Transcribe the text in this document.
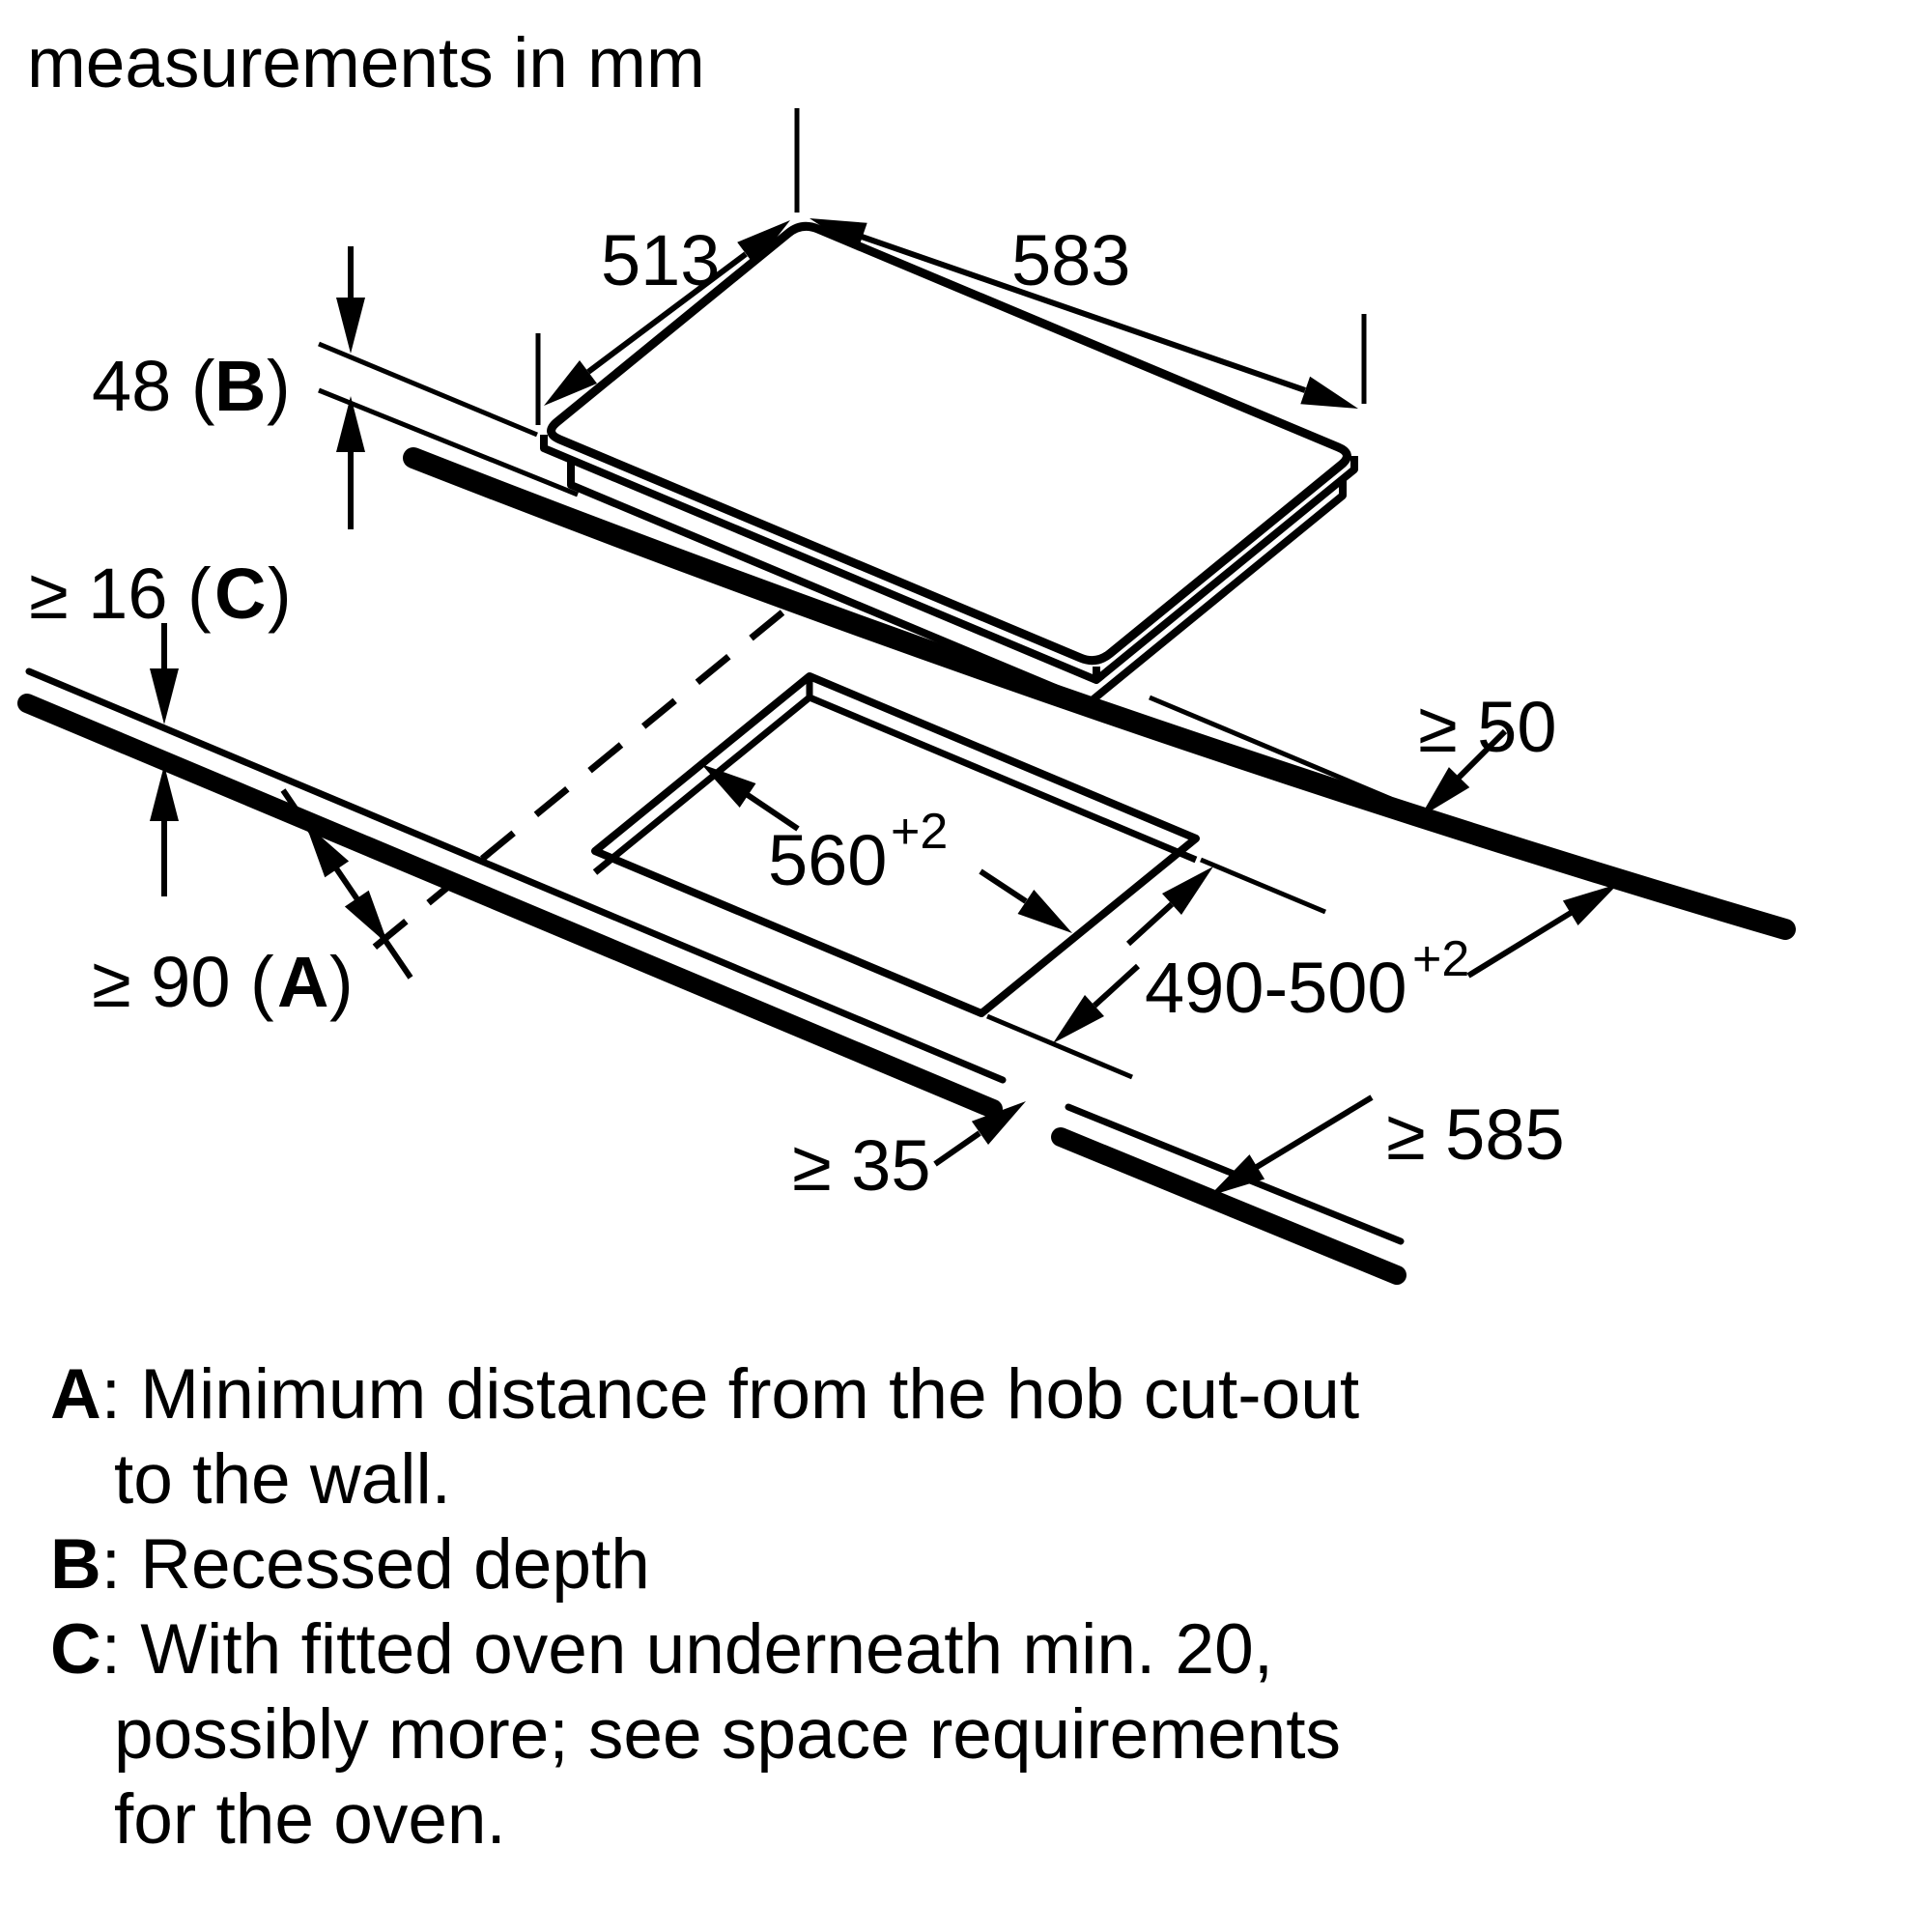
measurements in mm
513	583
48 ( B )
≥ 16 ( C )
≥ 90 ( A )
560 +2
490-500 +2
≥ 50
≥ 35	≥ 585
A: Minimum distance from the hob cut-out
to the wall.
B: Recessed depth
C: With fitted oven underneath min. 20,
possibly more; see space requirements
for the oven.
